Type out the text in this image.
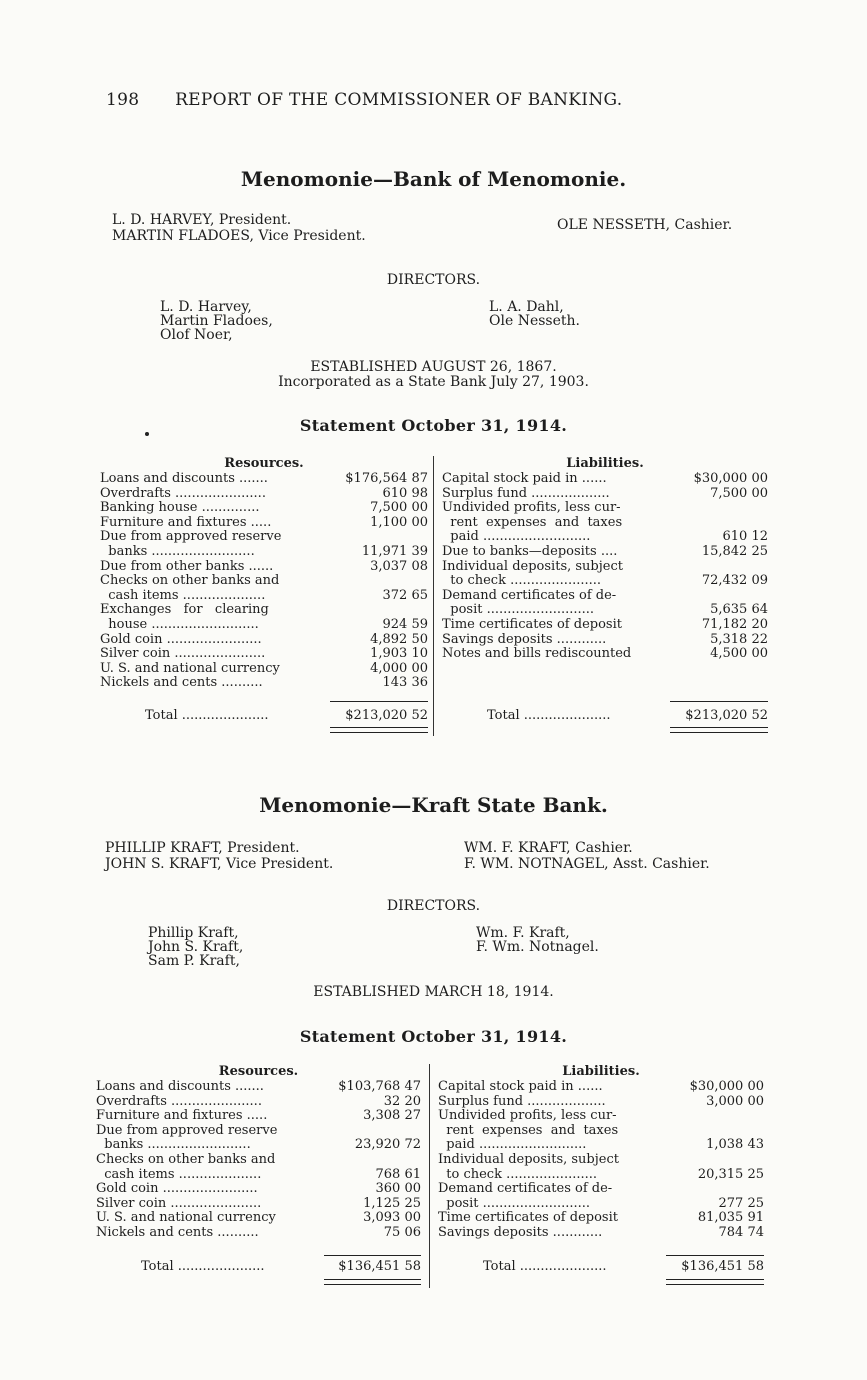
198 REPORT OF THE COMMISSIONER OF BANKING.
Menomonie—Bank of Menomonie.
L. D. HARVEY, President.
MARTIN FLADOES, Vice President.
OLE NESSETH, Cashier.
DIRECTORS.
L. D. Harvey,
Martin Fladoes,
Olof Noer,
L. A. Dahl,
Ole Nesseth.
ESTABLISHED AUGUST 26, 1867.
Incorporated as a State Bank July 27, 1903.
Statement October 31, 1914.
Resources.
Loans and discounts .......	$176,564 87
Overdrafts ......................	610 98
Banking house ..............	7,500 00
Furniture and fixtures .....	1,100 00
Due from approved reserve
banks .........................	11,971 39
Due from other banks ......	3,037 08
Checks on other banks and
cash items ....................	372 65
Exchanges   for   clearing
house ..........................	924 59
Gold coin .......................	4,892 50
Silver coin ......................	1,903 10
U. S. and national currency	4,000 00
Nickels and cents ..........	143 36
Liabilities.
Capital stock paid in ......	$30,000 00
Surplus fund ...................	7,500 00
Undivided profits, less cur-
rent  expenses  and  taxes
paid ..........................	610 12
Due to banks—deposits ....	15,842 25
Individual deposits, subject
to check ......................	72,432 09
Demand certificates of de-
posit ..........................	5,635 64
Time certificates of deposit	71,182 20
Savings deposits ............	5,318 22
Notes and bills rediscounted	4,500 00
Total .....................	$213,020 52	Total .....................	$213,020 52
Menomonie—Kraft State Bank.
PHILLIP KRAFT, President.
JOHN S. KRAFT, Vice President.
WM. F. KRAFT, Cashier.
F. WM. NOTNAGEL, Asst. Cashier.
DIRECTORS.
Phillip Kraft,
John S. Kraft,
Sam P. Kraft,
Wm. F. Kraft,
F. Wm. Notnagel.
ESTABLISHED MARCH 18, 1914.
Statement October 31, 1914.
Resources.
Loans and discounts .......	$103,768 47
Overdrafts ......................	32 20
Furniture and fixtures .....	3,308 27
Due from approved reserve
banks .........................	23,920 72
Checks on other banks and
cash items ....................	768 61
Gold coin .......................	360 00
Silver coin ......................	1,125 25
U. S. and national currency	3,093 00
Nickels and cents ..........	75 06
Liabilities.
Capital stock paid in ......	$30,000 00
Surplus fund ...................	3,000 00
Undivided profits, less cur-
rent  expenses  and  taxes
paid ..........................	1,038 43
Individual deposits, subject
to check ......................	20,315 25
Demand certificates of de-
posit ..........................	277 25
Time certificates of deposit	81,035 91
Savings deposits ............	784 74
Total .....................	$136,451 58	Total .....................	$136,451 58
